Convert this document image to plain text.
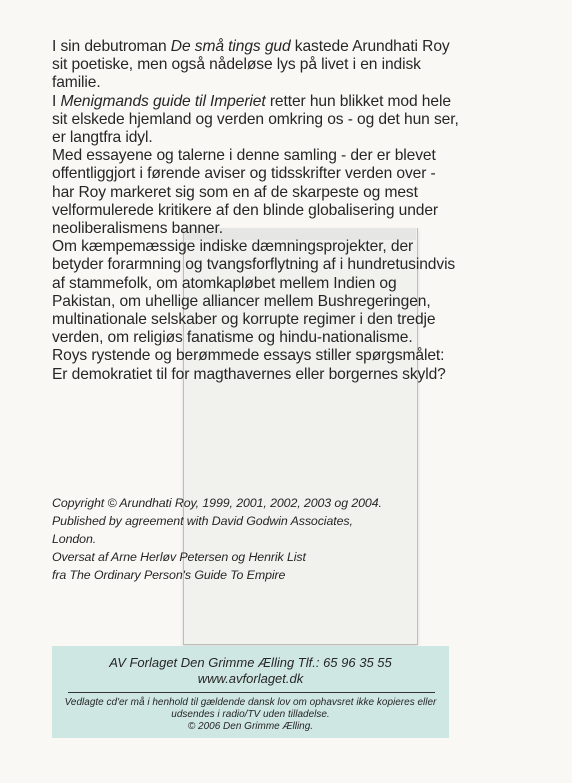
I sin debutroman De små tings gud kastede Arundhati Roy sit poetiske, men også nådeløse lys på livet i en indisk familie.

I Menigmands guide til Imperiet retter hun blikket mod hele sit elskede hjemland og verden omkring os - og det hun ser, er langtfra idyl.

Med essayene og talerne i denne samling - der er blevet offentliggjort i førende aviser og tidsskrifter verden over - har Roy markeret sig som en af de skarpeste og mest velformulerede kritikere af den blinde globalisering under neoliberalismens banner.

Om kæmpemæssige indiske dæmningsprojekter, der betyder forarmning og tvangsforflytning af i hundretusindvis af stammefolk, om atomkapløbet mellem Indien og Pakistan, om uhellige alliancer mellem Bushregeringen, multinationale selskaber og korrupte regimer i den tredje verden, om religiøs fanatisme og hindu-nationalisme.

Roys rystende og berømmede essays stiller spørgsmålet: Er demokratiet til for magthavernes eller borgernes skyld?

Copyright © Arundhati Roy, 1999, 2001, 2002, 2003 og 2004.
Published by agreement with David Godwin Associates,
London.
Oversat af Arne Herløv Petersen og Henrik List
fra The Ordinary Person's Guide To Empire
AV Forlaget Den Grimme Ælling Tlf.: 65 96 35 55
www.avforlaget.dk
Vedlagte cd'er må i henhold til gældende dansk lov om ophavsret ikke kopieres eller udsendes i radio/TV uden tilladelse.
© 2006 Den Grimme Ælling.
